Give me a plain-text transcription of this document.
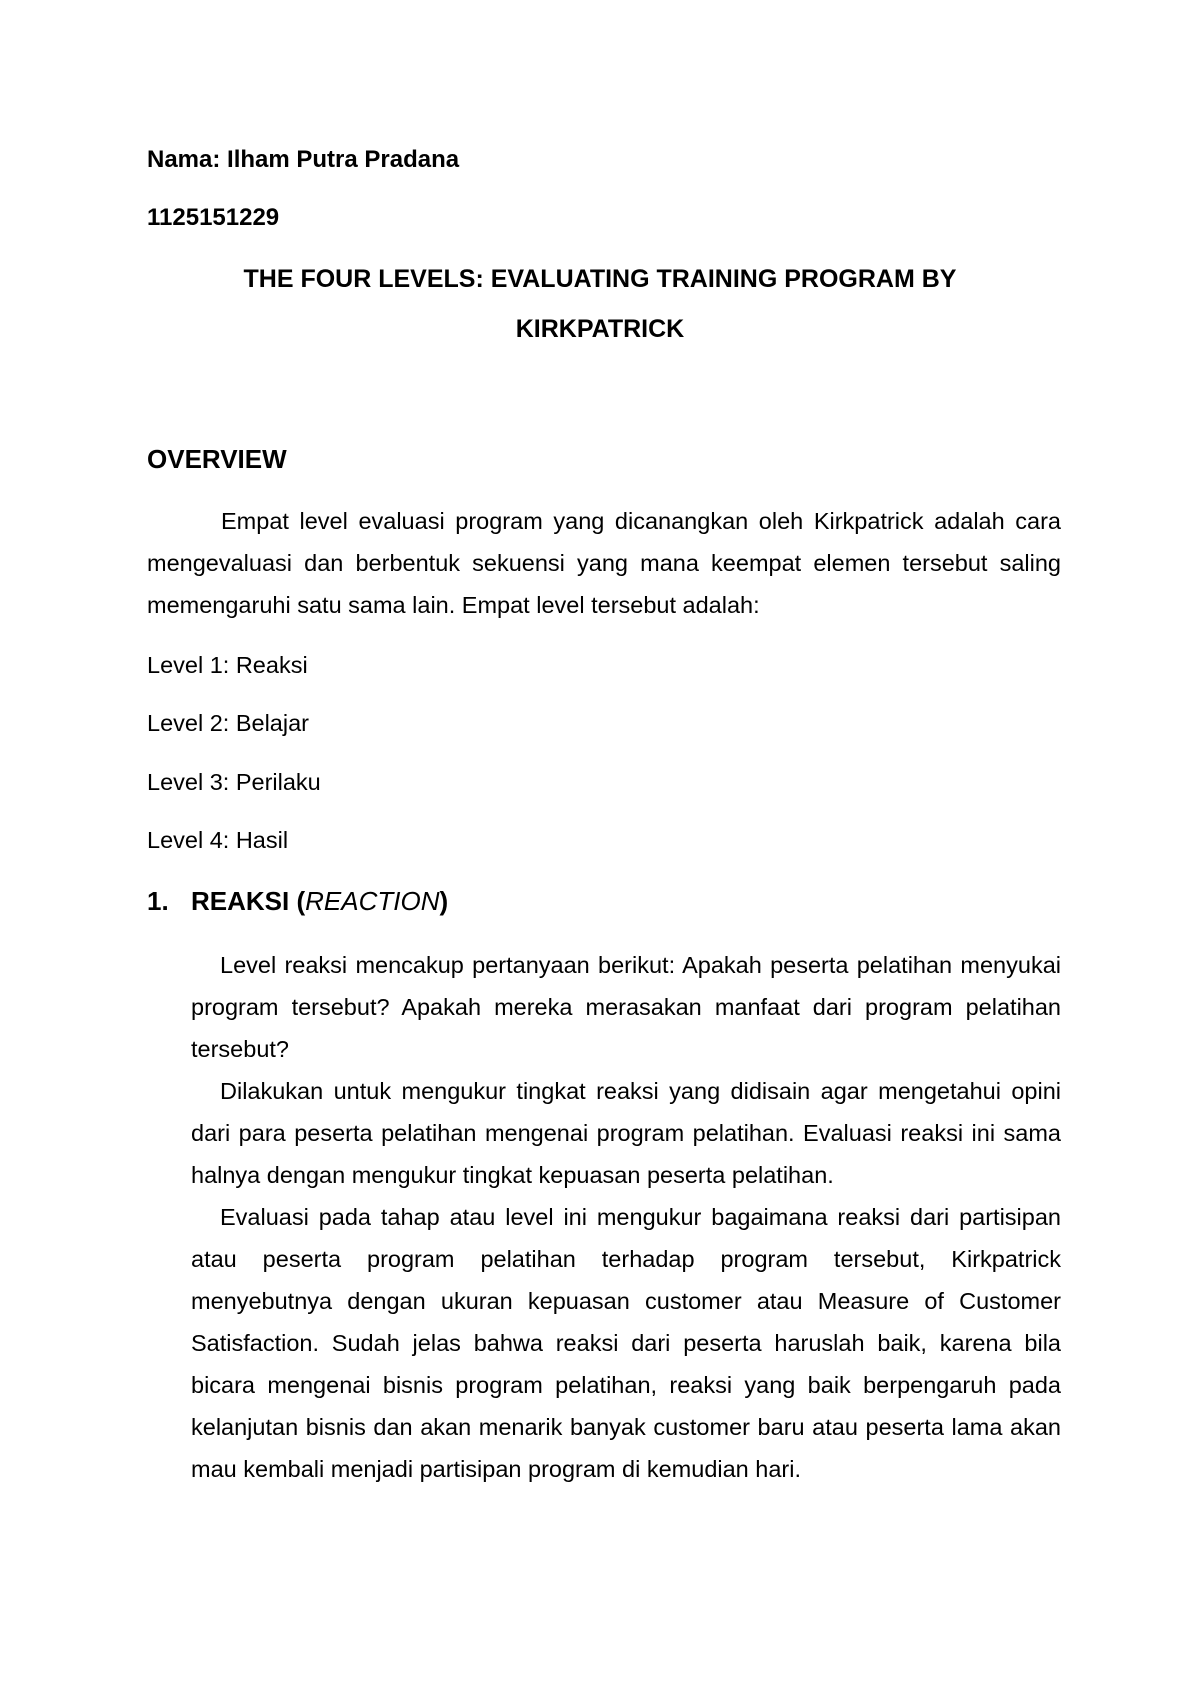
Nama: Ilham Putra Pradana
1125151229
THE FOUR LEVELS: EVALUATING TRAINING PROGRAM BY
KIRKPATRICK
OVERVIEW
Empat level evaluasi program yang dicanangkan oleh Kirkpatrick adalah cara mengevaluasi dan berbentuk sekuensi yang mana keempat elemen tersebut saling memengaruhi satu sama lain. Empat level tersebut adalah:
Level 1: Reaksi
Level 2: Belajar
Level 3: Perilaku
Level 4: Hasil
1. REAKSI (REACTION)
Level reaksi mencakup pertanyaan berikut: Apakah peserta pelatihan menyukai program tersebut? Apakah mereka merasakan manfaat dari program pelatihan tersebut?
Dilakukan untuk mengukur tingkat reaksi yang didisain agar mengetahui opini dari para peserta pelatihan mengenai program pelatihan. Evaluasi reaksi ini sama halnya dengan mengukur tingkat kepuasan peserta pelatihan.
Evaluasi pada tahap atau level ini mengukur bagaimana reaksi dari partisipan atau peserta program pelatihan terhadap program tersebut, Kirkpatrick menyebutnya dengan ukuran kepuasan customer atau Measure of Customer Satisfaction. Sudah jelas bahwa reaksi dari peserta haruslah baik, karena bila bicara mengenai bisnis program pelatihan, reaksi yang baik berpengaruh pada kelanjutan bisnis dan akan menarik banyak customer baru atau peserta lama akan mau kembali menjadi partisipan program di kemudian hari.
